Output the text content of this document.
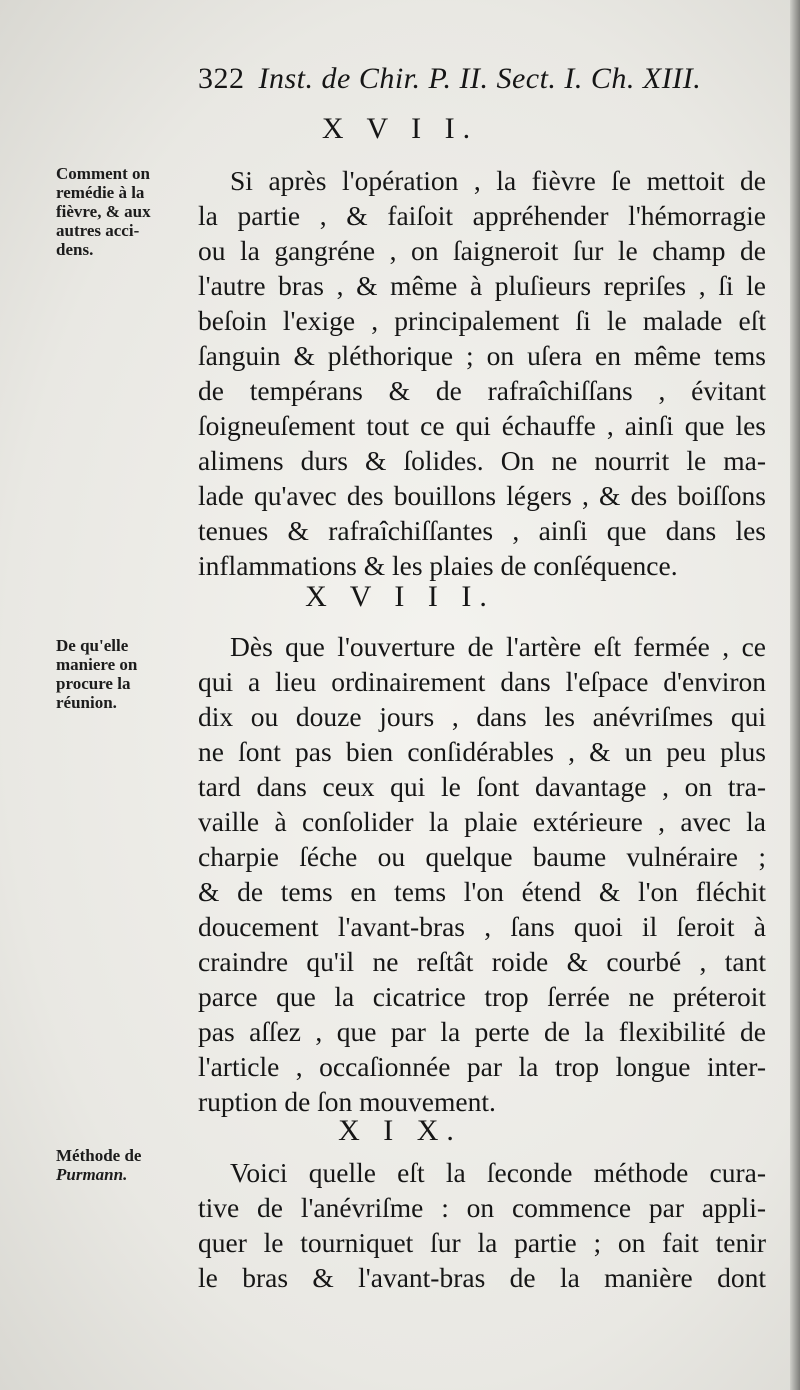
322 Inst. de Chir. P. II. Sect. I. Ch. XIII.
X V I I.
Comment on
remédie à la
fièvre, & aux
autres acci-
dens.
Si après l'opération , la fièvre ſe mettoit de
la partie , & faiſoit appréhender l'hémorragie
ou la gangréne , on ſaigneroit ſur le champ de
l'autre bras , & même à pluſieurs repriſes , ſi le
beſoin l'exige , principalement ſi le malade eſt
ſanguin & pléthorique ; on uſera en même tems
de tempérans & de rafraîchiſſans , évitant
ſoigneuſement tout ce qui échauffe , ainſi que les
alimens durs & ſolides. On ne nourrit le ma-
lade qu'avec des bouillons légers , & des boiſſons
tenues & rafraîchiſſantes , ainſi que dans les
inflammations & les plaies de conſéquence.
X V I I I.
De qu'elle
maniere on
procure la
réunion.
Dès que l'ouverture de l'artère eſt fermée , ce
qui a lieu ordinairement dans l'eſpace d'environ
dix ou douze jours , dans les anévriſmes qui
ne ſont pas bien conſidérables , & un peu plus
tard dans ceux qui le ſont davantage , on tra-
vaille à conſolider la plaie extérieure , avec la
charpie ſéche ou quelque baume vulnéraire ;
& de tems en tems l'on étend & l'on fléchit
doucement l'avant-bras , ſans quoi il ſeroit à
craindre qu'il ne reſtât roide & courbé , tant
parce que la cicatrice trop ſerrée ne préteroit
pas aſſez , que par la perte de la flexibilité de
l'article , occaſionnée par la trop longue inter-
ruption de ſon mouvement.
X I X.
Méthode de
Purmann.	Voici quelle eſt la ſeconde méthode cura-
tive de l'anévriſme : on commence par appli-
quer le tourniquet ſur la partie ; on fait tenir
le bras & l'avant-bras de la manière dont
